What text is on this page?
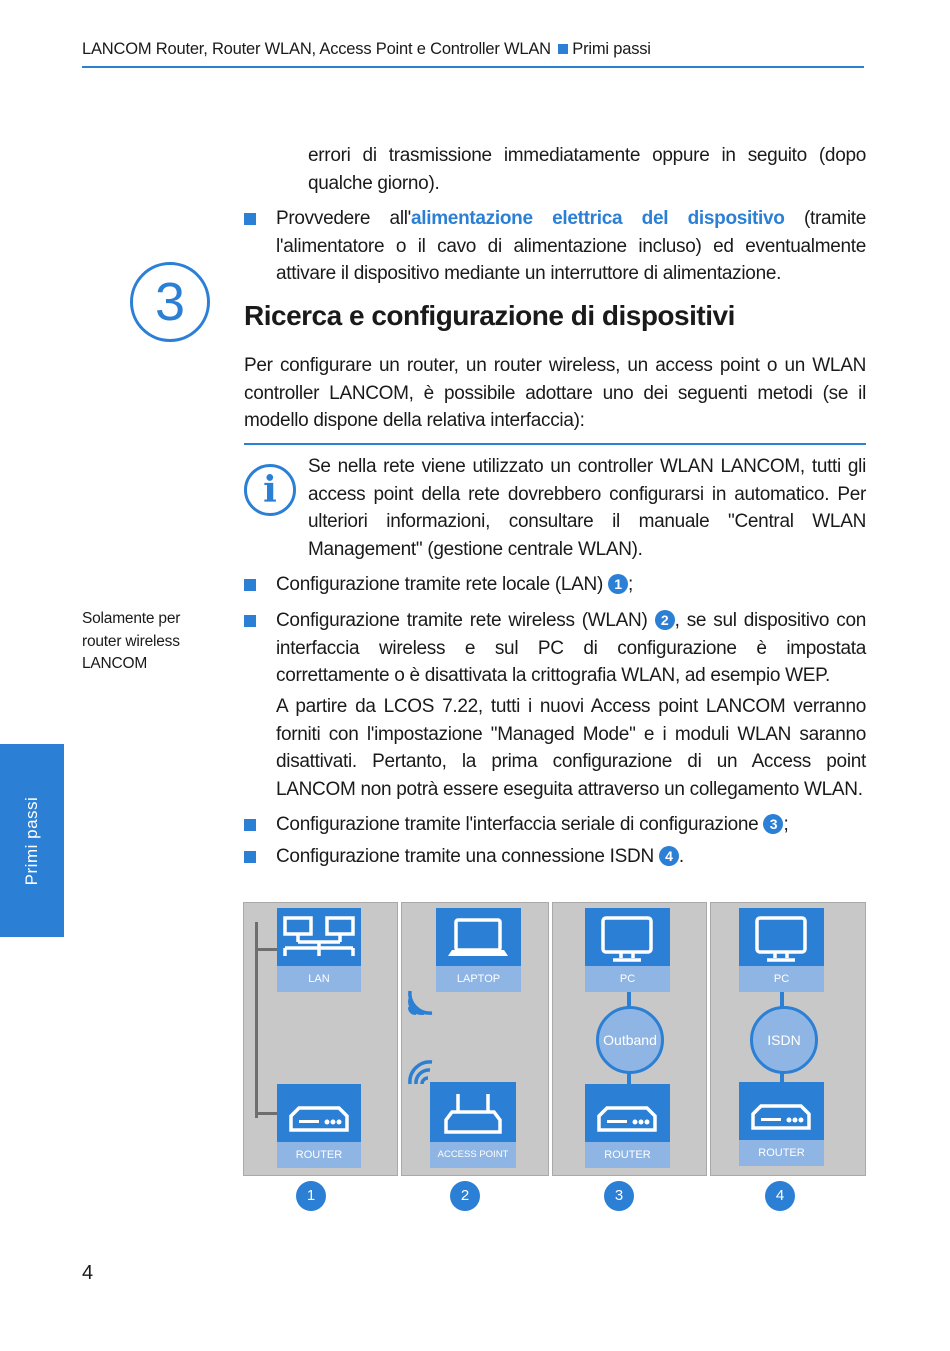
LANCOM Router, Router WLAN, Access Point e Controller WLAN Primi passi
errori di trasmissione immediatamente oppure in seguito (dopo
qualche giorno).
Provvedere all'alimentazione elettrica del dispositivo (tramite l'alimentatore o il cavo di alimentazione incluso) ed eventualmente attivare il dispositivo mediante un interruttore di alimentazione.
3	Ricerca e configurazione di dispositivi
Per configurare un router, un router wireless, un access point o un WLAN controller LANCOM, è possibile adottare uno dei seguenti metodi (se il modello dispone della relativa interfaccia):
i
Se nella rete viene utilizzato un controller WLAN LANCOM, tutti gli access point della rete dovrebbero configurarsi in automatico. Per ulteriori informazioni, consultare il manuale "Central WLAN Management" (gestione centrale WLAN).
Solamente per
router wireless
LANCOM
Configurazione tramite rete locale (LAN) 1 ;
Configurazione tramite rete wireless (WLAN) 2 , se sul dispositivo con interfaccia wireless e sul PC di configurazione è impostata correttamente o è disattivata la crittografia WLAN, ad esempio WEP.
A partire da LCOS 7.22, tutti i nuovi Access point LANCOM verranno forniti con l'impostazione "Managed Mode" e i moduli WLAN saranno disattivati. Pertanto, la prima configurazione di un Access point LANCOM non potrà essere eseguita attraverso un collegamento WLAN.
Configurazione tramite l'interfaccia seriale di configurazione 3 ;
Configurazione tramite una connessione ISDN 4 .
Primi passi
LAN
ROUTER
LAPTOP
ACCESS POINT
PC
Outband
ROUTER
PC
ISDN
ROUTER
1	2	3	4
4
